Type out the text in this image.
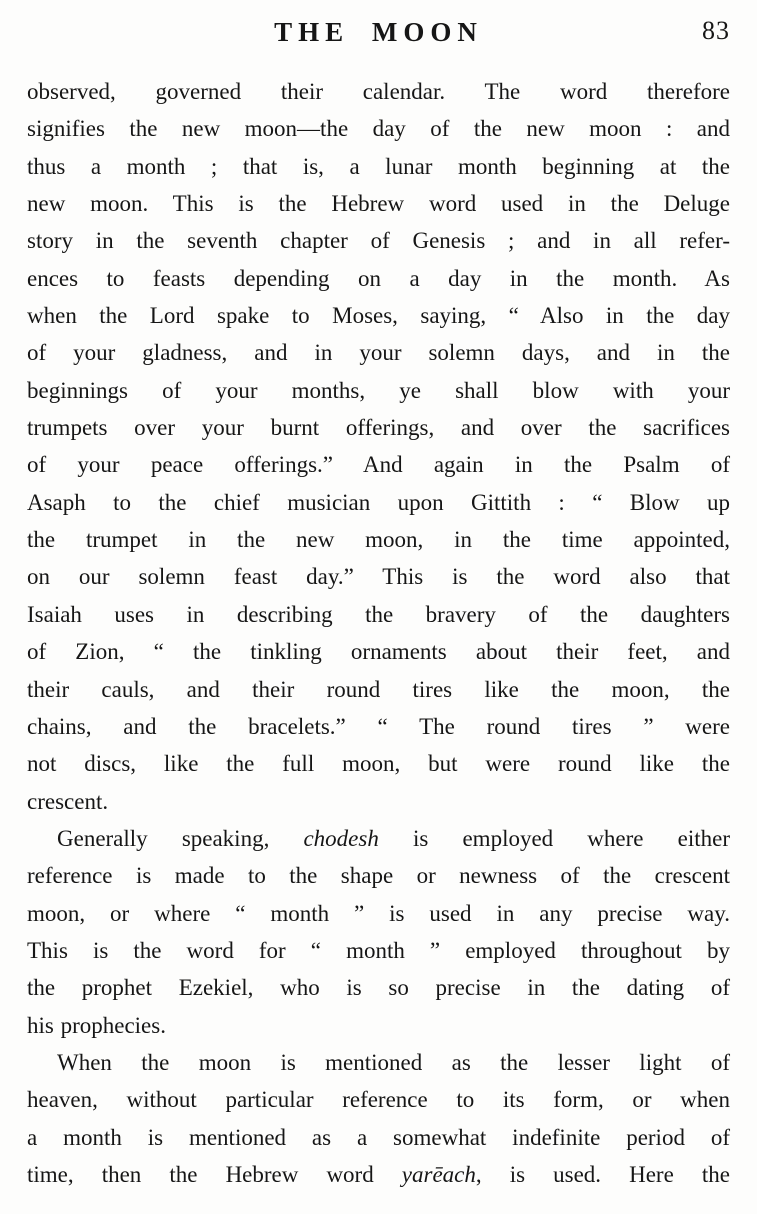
THE MOON	83
observed, governed their calendar. The word therefore
signifies the new moon—the day of the new moon : and
thus a month ; that is, a lunar month beginning at the
new moon. This is the Hebrew word used in the Deluge
story in the seventh chapter of Genesis ; and in all refer-
ences to feasts depending on a day in the month. As
when the Lord spake to Moses, saying, “ Also in the day
of your gladness, and in your solemn days, and in the
beginnings of your months, ye shall blow with your
trumpets over your burnt offerings, and over the sacrifices
of your peace offerings.” And again in the Psalm of
Asaph to the chief musician upon Gittith : “ Blow up
the trumpet in the new moon, in the time appointed,
on our solemn feast day.” This is the word also that
Isaiah uses in describing the bravery of the daughters
of Zion, “ the tinkling ornaments about their feet, and
their cauls, and their round tires like the moon, the
chains, and the bracelets.” “ The round tires ” were
not discs, like the full moon, but were round like the
crescent.
Generally speaking, chodesh is employed where either
reference is made to the shape or newness of the crescent
moon, or where “ month ” is used in any precise way.
This is the word for “ month ” employed throughout by
the prophet Ezekiel, who is so precise in the dating of
his prophecies.
When the moon is mentioned as the lesser light of
heaven, without particular reference to its form, or when
a month is mentioned as a somewhat indefinite period of
time, then the Hebrew word yarēach, is used. Here the
